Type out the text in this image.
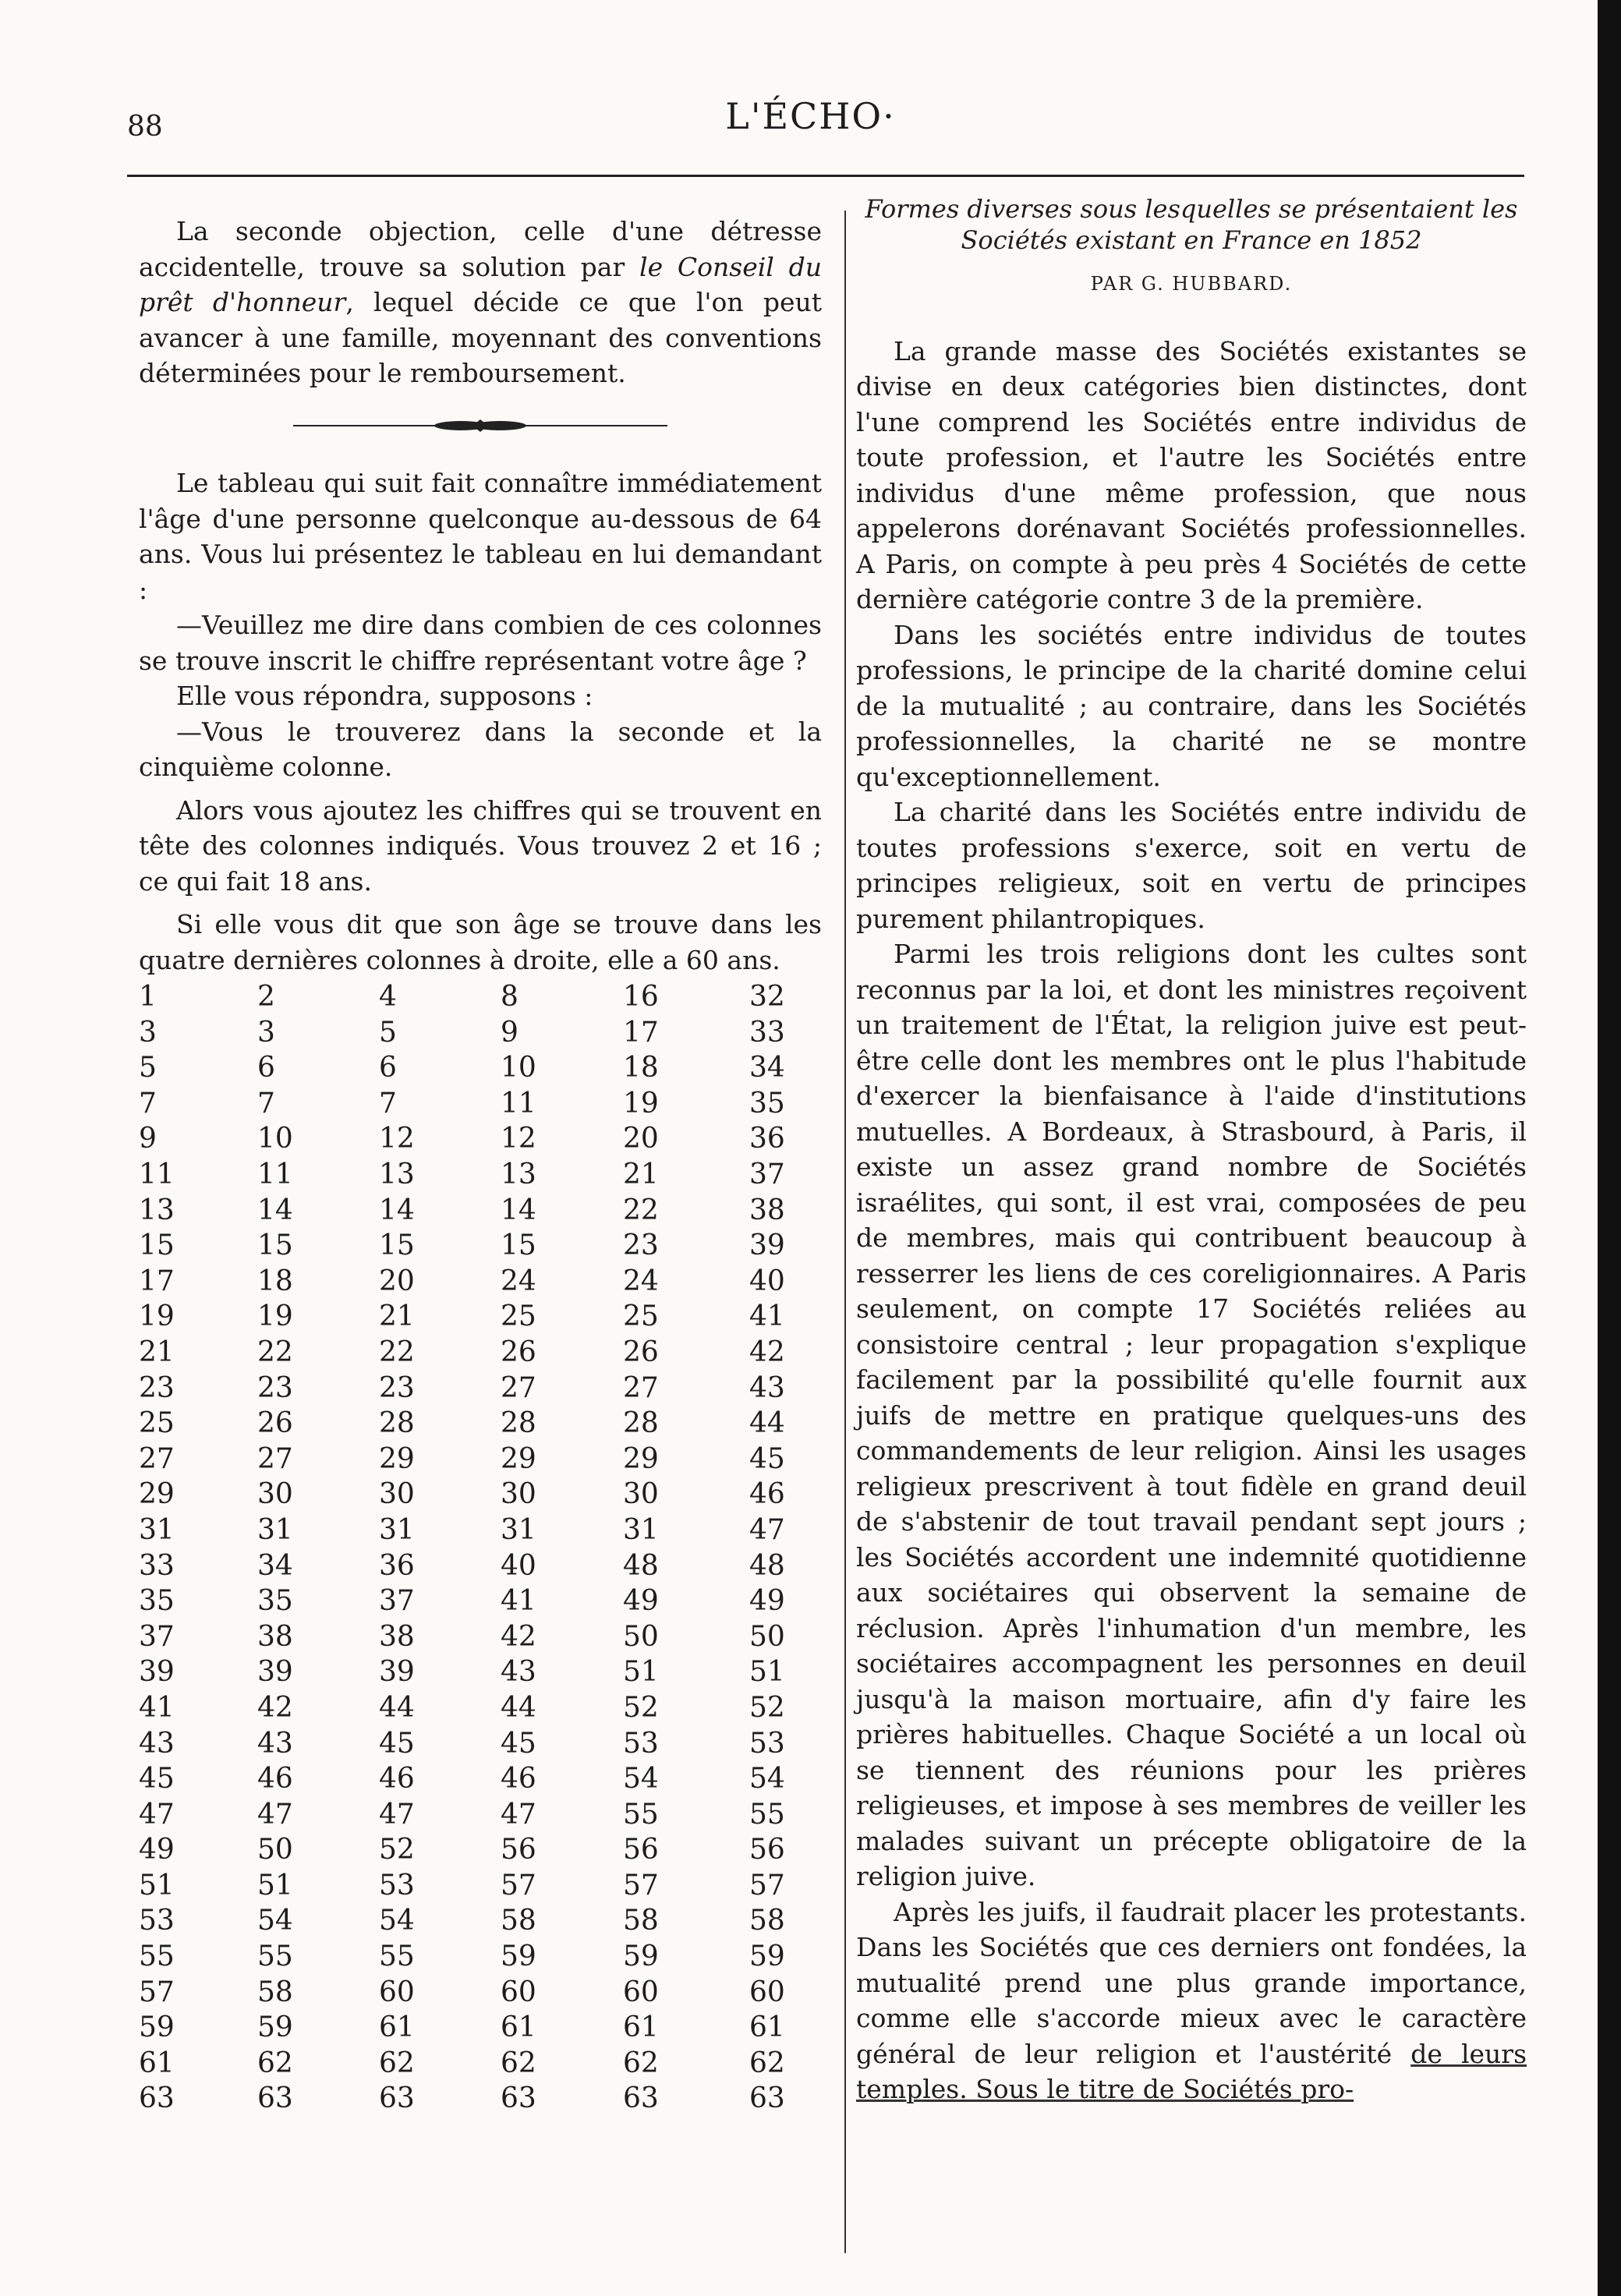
88	L'ÉCHO·

La seconde objection, celle d'une détresse accidentelle, trouve sa solution par le Conseil du prêt d'honneur, lequel décide ce que l'on peut avancer à une famille, moyennant des conventions déterminées pour le remboursement.

Le tableau qui suit fait connaître immédiatement l'âge d'une personne quelconque au-dessous de 64 ans. Vous lui présentez le tableau en lui demandant :

—Veuillez me dire dans combien de ces colonnes se trouve inscrit le chiffre représentant votre âge ?

Elle vous répondra, supposons :

—Vous le trouverez dans la seconde et la cinquième colonne.

Alors vous ajoutez les chiffres qui se trouvent en tête des colonnes indiqués. Vous trouvez 2 et 16 ; ce qui fait 18 ans.

Si elle vous dit que son âge se trouve dans les quatre dernières colonnes à droite, elle a 60 ans.

1	2	4	8	16	32
3	3	5	9	17	33
5	6	6	10	18	34
7	7	7	11	19	35
9	10	12	12	20	36
11	11	13	13	21	37
13	14	14	14	22	38
15	15	15	15	23	39
17	18	20	24	24	40
19	19	21	25	25	41
21	22	22	26	26	42
23	23	23	27	27	43
25	26	28	28	28	44
27	27	29	29	29	45
29	30	30	30	30	46
31	31	31	31	31	47
33	34	36	40	48	48
35	35	37	41	49	49
37	38	38	42	50	50
39	39	39	43	51	51
41	42	44	44	52	52
43	43	45	45	53	53
45	46	46	46	54	54
47	47	47	47	55	55
49	50	52	56	56	56
51	51	53	57	57	57
53	54	54	58	58	58
55	55	55	59	59	59
57	58	60	60	60	60
59	59	61	61	61	61
61	62	62	62	62	62
63	63	63	63	63	63
Formes diverses sous lesquelles se présentaient les Sociétés existant en France en 1852
PAR G. HUBBARD.

La grande masse des Sociétés existantes se divise en deux catégories bien distinctes, dont l'une comprend les Sociétés entre individus de toute profession, et l'autre les Sociétés entre individus d'une même profession, que nous appelerons dorénavant Sociétés professionnelles. A Paris, on compte à peu près 4 Sociétés de cette dernière catégorie contre 3 de la première.

Dans les sociétés entre individus de toutes professions, le principe de la charité domine celui de la mutualité ; au contraire, dans les Sociétés professionnelles, la charité ne se montre qu'exceptionnellement.

La charité dans les Sociétés entre individu de toutes professions s'exerce, soit en vertu de principes religieux, soit en vertu de principes purement philantropiques.

Parmi les trois religions dont les cultes sont reconnus par la loi, et dont les ministres reçoivent un traitement de l'État, la religion juive est peut-être celle dont les membres ont le plus l'habitude d'exercer la bienfaisance à l'aide d'institutions mutuelles. A Bordeaux, à Strasbourd, à Paris, il existe un assez grand nombre de Sociétés israélites, qui sont, il est vrai, composées de peu de membres, mais qui contribuent beaucoup à resserrer les liens de ces coreligionnaires. A Paris seulement, on compte 17 Sociétés reliées au consistoire central ; leur propagation s'explique facilement par la possibilité qu'elle fournit aux juifs de mettre en pratique quelques-uns des commandements de leur religion. Ainsi les usages religieux prescrivent à tout fidèle en grand deuil de s'abstenir de tout travail pendant sept jours ; les Sociétés accordent une indemnité quotidienne aux sociétaires qui observent la semaine de réclusion. Après l'inhumation d'un membre, les sociétaires accompagnent les personnes en deuil jusqu'à la maison mortuaire, afin d'y faire les prières habituelles. Chaque Société a un local où se tiennent des réunions pour les prières religieuses, et impose à ses membres de veiller les malades suivant un précepte obligatoire de la religion juive.

Après les juifs, il faudrait placer les protestants. Dans les Sociétés que ces derniers ont fondées, la mutualité prend une plus grande importance, comme elle s'accorde mieux avec le caractère général de leur religion et l'austérité de leurs temples. Sous le titre de Sociétés pro-
